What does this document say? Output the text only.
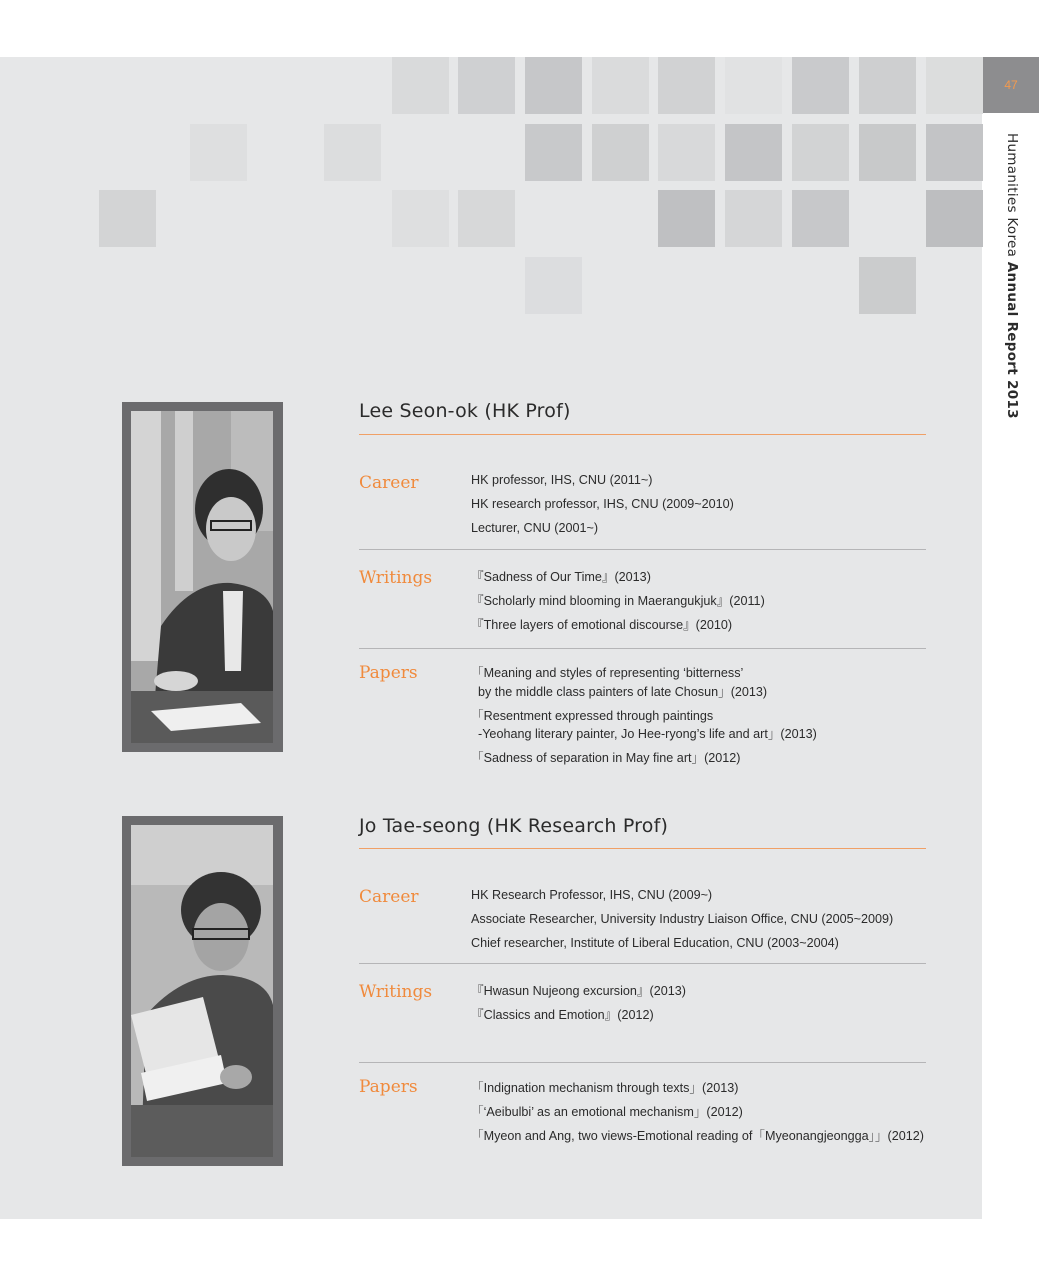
47
Humanities Korea Annual Report 2013
Lee Seon-ok (HK Prof)
Career	HK professor, IHS, CNU (2011~)
HK research professor, IHS, CNU (2009~2010)
Lecturer, CNU (2001~)
Writings	『Sadness of Our Time』(2013)
『Scholarly mind blooming in Maerangukjuk』(2011)
『Three layers of emotional discourse』(2010)
Papers	「Meaning and styles of representing ‘bitterness’
by the middle class painters of late Chosun」(2013)
「Resentment expressed through paintings
-Yeohang literary painter, Jo Hee-ryong’s life and art」(2013)
「Sadness of separation in May fine art」(2012)
Jo Tae-seong (HK Research Prof)
Career	HK Research Professor, IHS, CNU (2009~)
Associate Researcher, University Industry Liaison Office, CNU (2005~2009)
Chief researcher, Institute of Liberal Education, CNU (2003~2004)
Writings	『Hwasun Nujeong excursion』(2013)
『Classics and Emotion』(2012)
Papers	「Indignation mechanism through texts」(2013)
「‘Aeibulbi’ as an emotional mechanism」(2012)
「Myeon and Ang, two views-Emotional reading of「Myeonangjeongga」」(2012)
